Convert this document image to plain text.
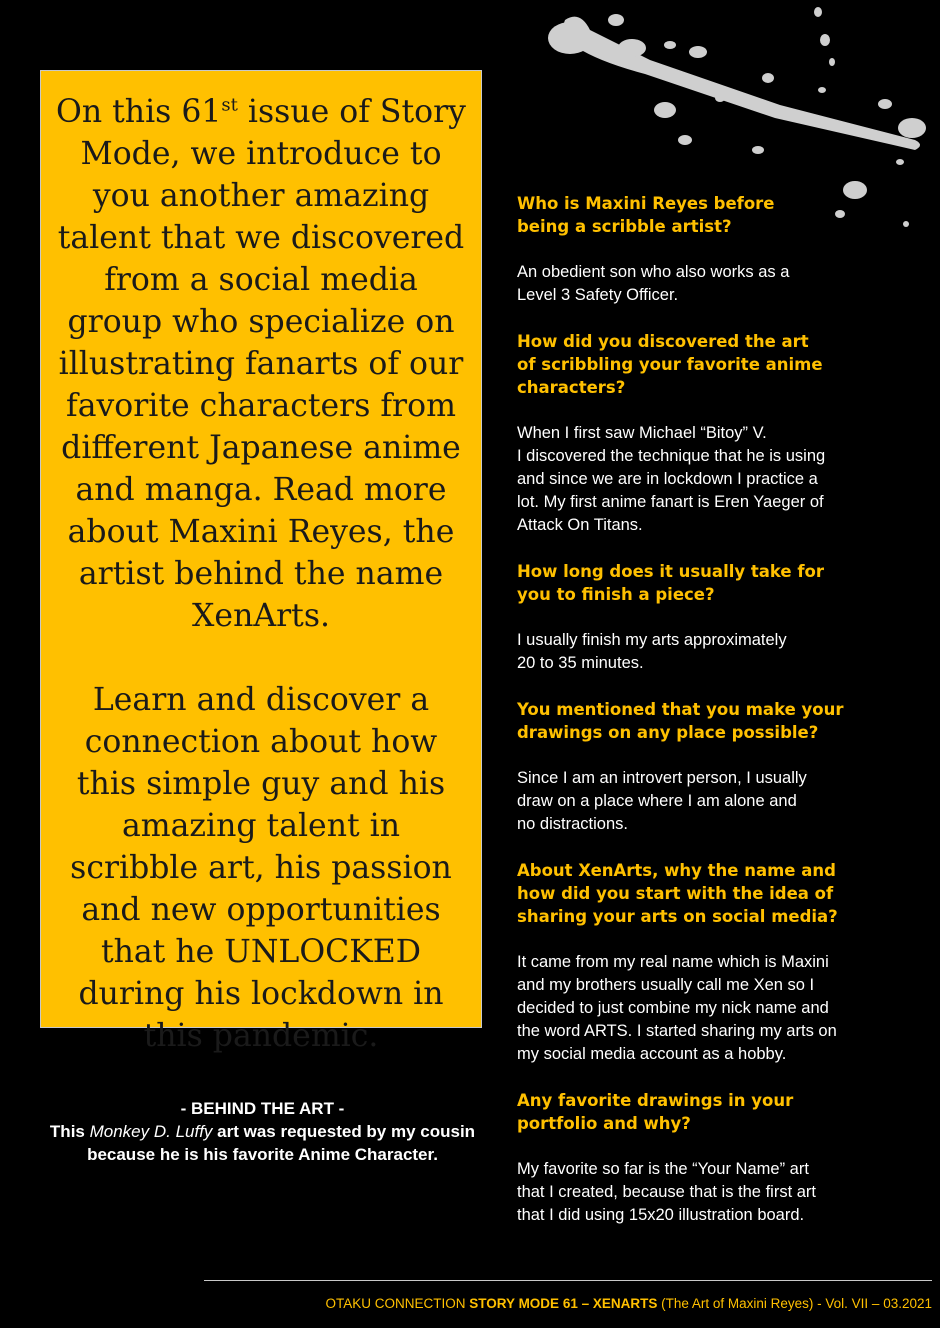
On this 61st issue of Story Mode, we introduce to you another amazing talent that we discovered from a social media group who specialize on illustrating fanarts of our favorite characters from different Japanese anime and manga. Read more about Maxini Reyes, the artist behind the name XenArts.

Learn and discover a connection about how this simple guy and his amazing talent in scribble art, his passion and new opportunities that he UNLOCKED during his lockdown in this pandemic.

- BEHIND THE ART -
This Monkey D. Luffy art was requested by my cousin because he is his favorite Anime Character.
Who is Maxini Reyes before
being a scribble artist?
An obedient son who also works as a
Level 3 Safety Officer.
How did you discovered the art
of scribbling your favorite anime
characters?
When I first saw Michael “Bitoy” V.
I discovered the technique that he is using
and since we are in lockdown I practice a
lot. My first anime fanart is Eren Yaeger of
Attack On Titans.
How long does it usually take for
you to finish a piece?
I usually finish my arts approximately
20 to 35 minutes.
You mentioned that you make your
drawings on any place possible?
Since I am an introvert person, I usually
draw on a place where I am alone and
no distractions.
About XenArts, why the name and
how did you start with the idea of
sharing your arts on social media?
It came from my real name which is Maxini
and my brothers usually call me Xen so I
decided to just combine my nick name and
the word ARTS. I started sharing my arts on
my social media account as a hobby.
Any favorite drawings in your
portfolio and why?
My favorite so far is the “Your Name” art
that I created, because that is the first art
that I did using 15x20 illustration board.
OTAKU CONNECTION STORY MODE 61 – XENARTS (The Art of Maxini Reyes) - Vol. VII – 03.2021
